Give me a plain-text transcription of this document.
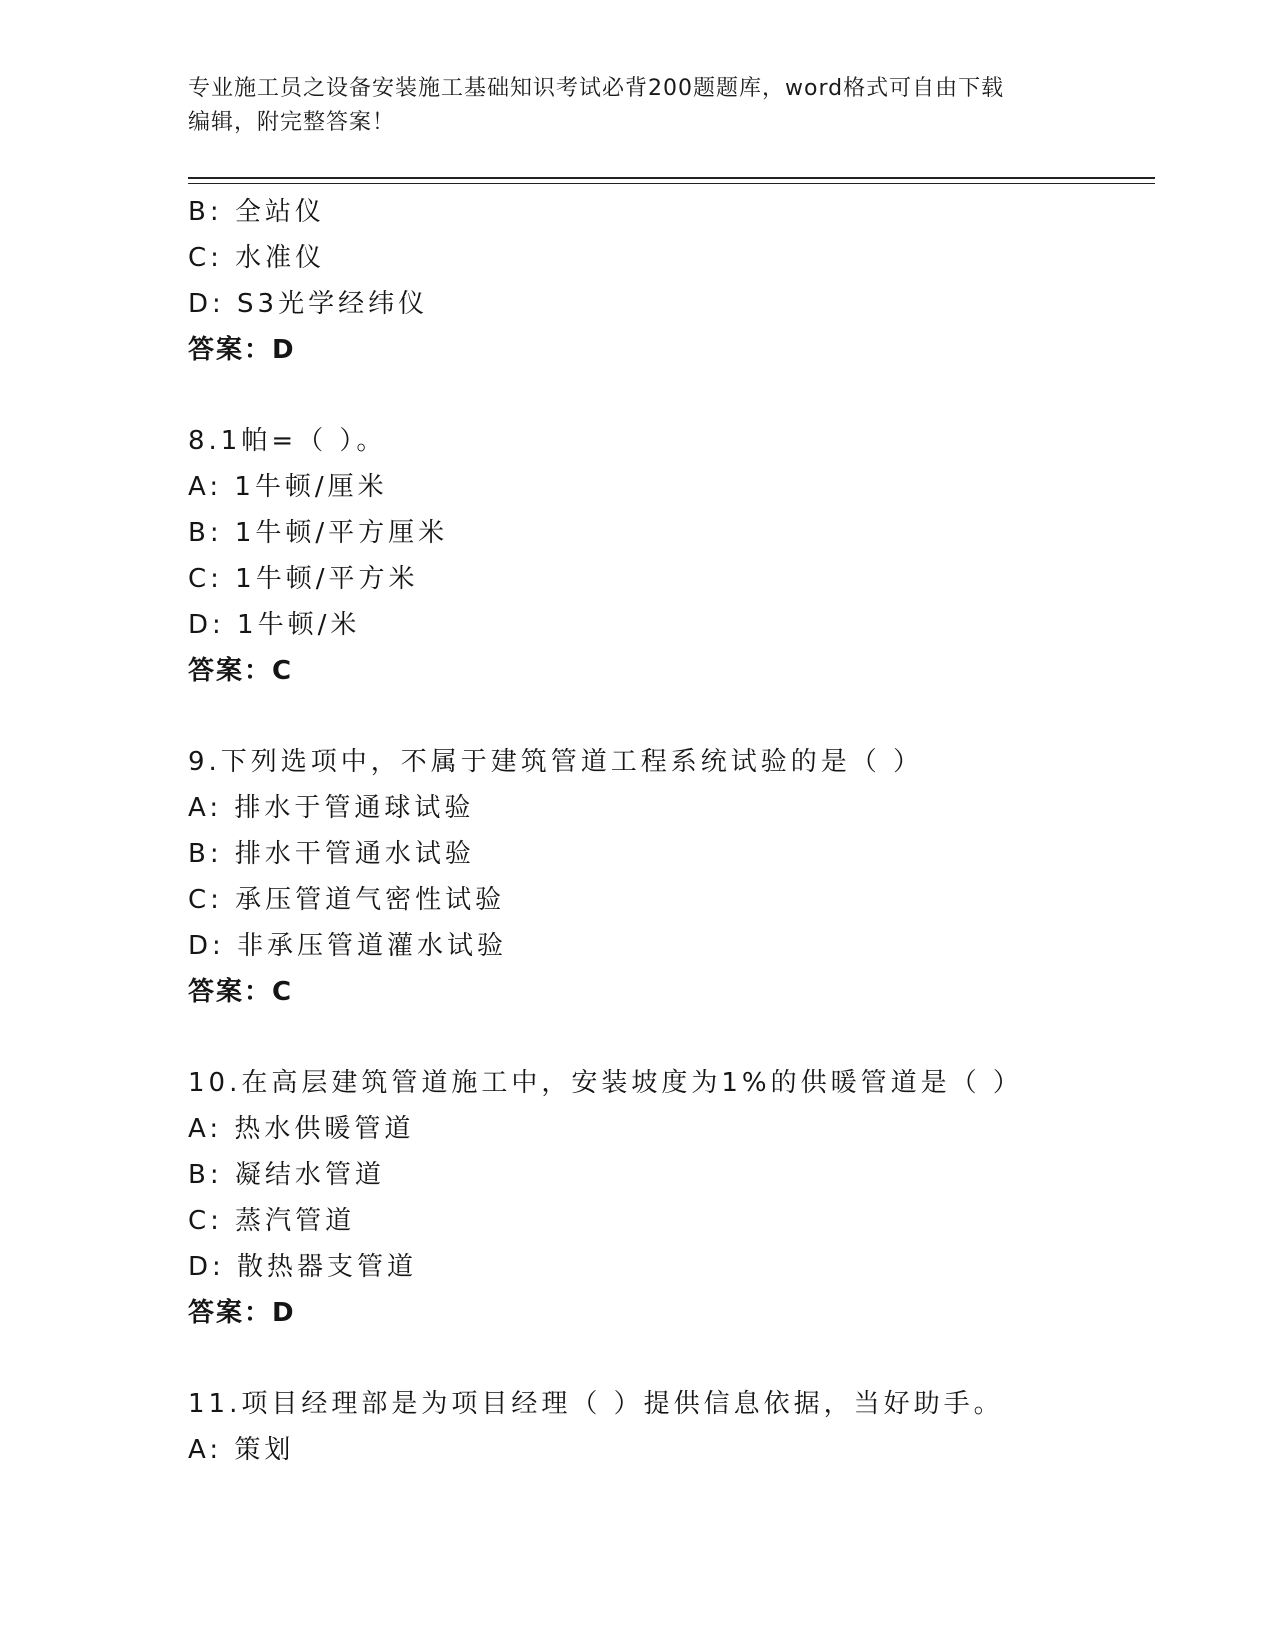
专业施工员之设备安装施工基础知识考试必背200题题库，word格式可自由下载
编辑，附完整答案！
B: 全站仪
C: 水准仪
D: S3光学经纬仪
答案：D
8.1帕=（ ）。
A: 1牛顿/厘米
B: 1牛顿/平方厘米
C: 1牛顿/平方米
D: 1牛顿/米
答案：C
9.下列选项中，不属于建筑管道工程系统试验的是（ ）
A: 排水于管通球试验
B: 排水干管通水试验
C: 承压管道气密性试验
D: 非承压管道灌水试验
答案：C
10.在高层建筑管道施工中，安装坡度为1%的供暖管道是（ ）
A: 热水供暖管道
B: 凝结水管道
C: 蒸汽管道
D: 散热器支管道
答案：D
11.项目经理部是为项目经理（ ）提供信息依据，当好助手。
A: 策划
